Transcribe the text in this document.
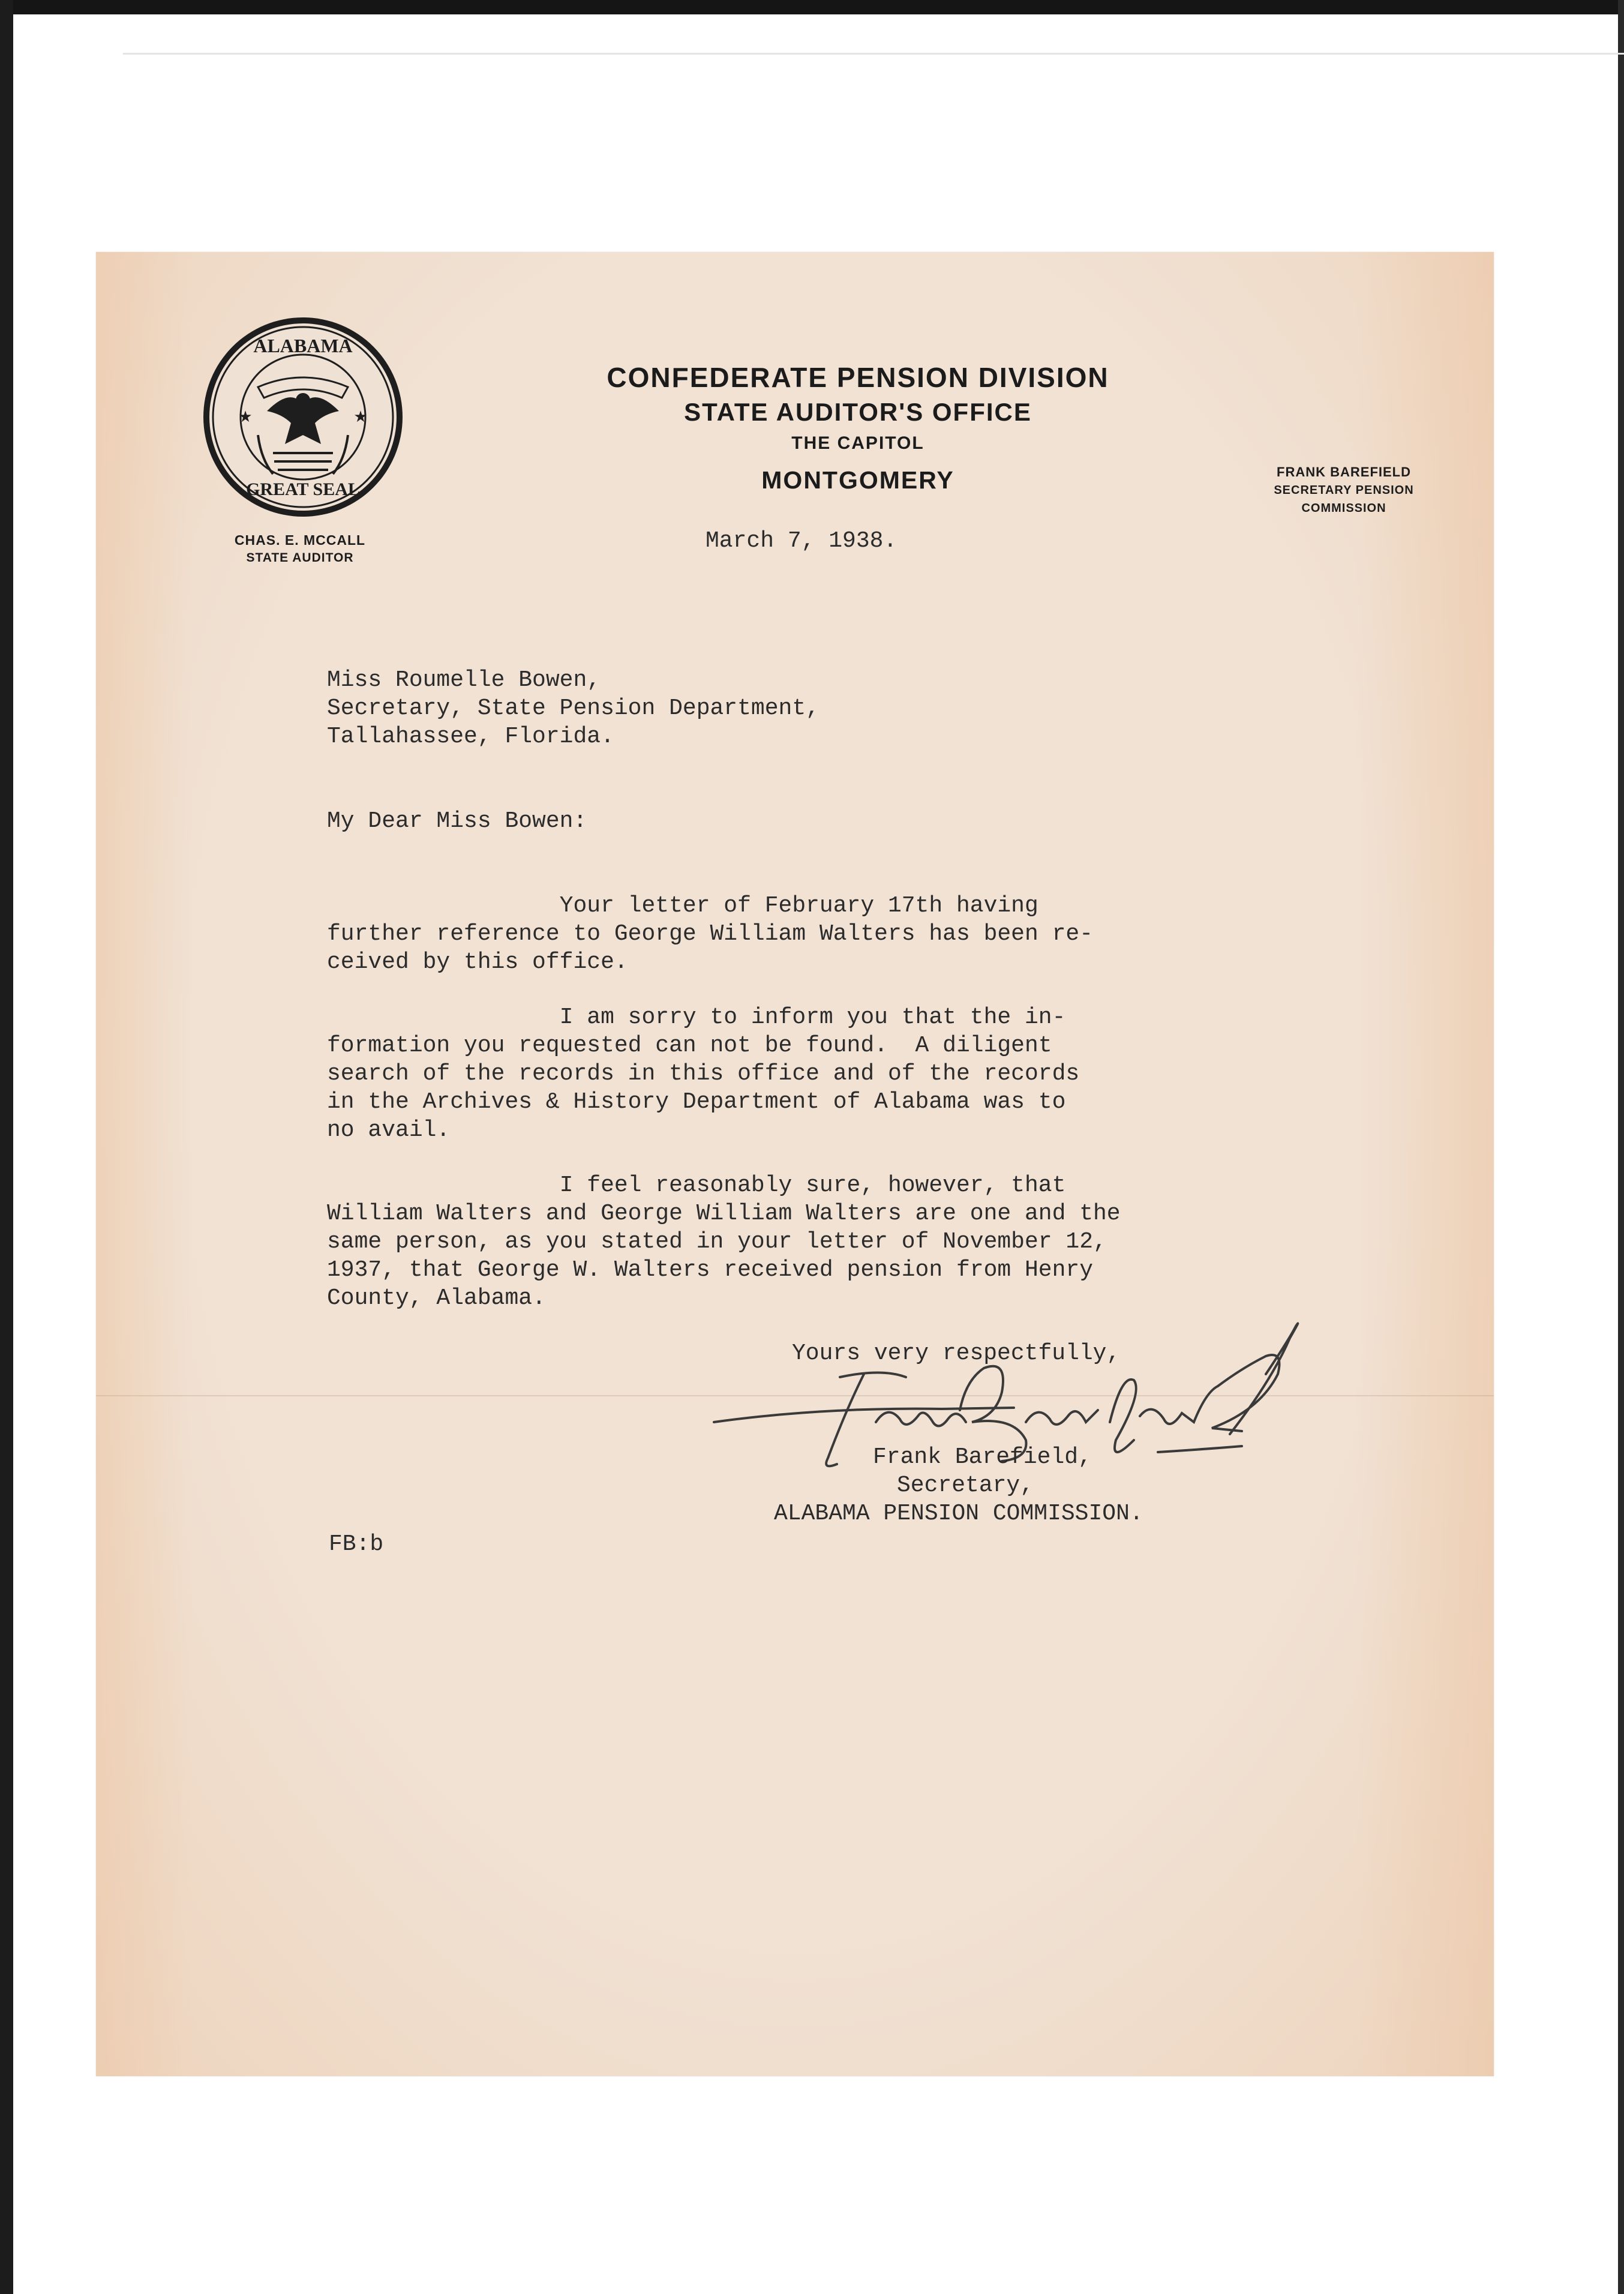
ALABAMA
GREAT SEAL
★	★
CHAS. E. MCCALL
STATE AUDITOR
CONFEDERATE PENSION DIVISION
STATE AUDITOR'S OFFICE
THE CAPITOL
MONTGOMERY	FRANK BAREFIELD
SECRETARY PENSION
COMMISSION
March 7, 1938.
Miss Roumelle Bowen,
Secretary, State Pension Department,
Tallahassee, Florida.
My Dear Miss Bowen:
Your letter of February 17th having
further reference to George William Walters has been re-
ceived by this office.
I am sorry to inform you that the in-
formation you requested can not be found.  A diligent
search of the records in this office and of the records
in the Archives & History Department of Alabama was to
no avail.
I feel reasonably sure, however, that
William Walters and George William Walters are one and the
same person, as you stated in your letter of November 12,
1937, that George W. Walters received pension from Henry
County, Alabama.
Yours very respectfully,
Frank Barefield,
Secretary,
ALABAMA PENSION COMMISSION.
FB:b
